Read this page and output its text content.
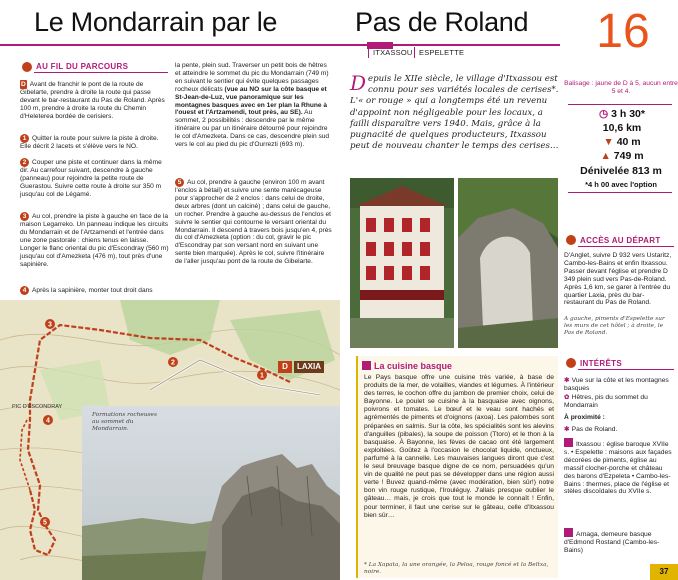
Le Mondarrain par le	Pas de Roland
ITXASSOU ESPELETTE	16
AU FIL DU PARCOURS
D Avant de franchir le pont de la route de Gibelarte, prendre à droite la route qui passe devant le bar-restaurant du Pas de Roland. Après 100 m, prendre à droite la route du Chemin d'Heleterea bordée de cerisiers.
1 Quitter la route pour suivre la piste à droite. Elle décrit 2 lacets et s'élève vers le NO.
2 Couper une piste et continuer dans la même dir. Au carrefour suivant, descendre à gauche (panneau) pour rejoindre la petite route de Guerastou. Suivre cette route à droite sur 350 m jusqu'au col de Légamé.
3 Au col, prendre la piste à gauche en face de la maison Legarreko. Un panneau indique les circuits du Mondarrain et de l'Artzamendi et l'entrée dans une zone pastorale : chiens tenus en laisse. Longer le flanc oriental du pic d'Escondray (560 m) jusqu'au col d'Amezketa (476 m), tout près d'une sapinière.
4 Après la sapinière, monter tout droit dans
la pente, plein sud. Traverser un petit bois de hêtres et atteindre le sommet du pic du Mondarrain (749 m) en suivant le sentier qui évite quelques passages rocheux délicats (vue au NO sur la côte basque et St-Jean-de-Luz, vue panoramique sur les montagnes basques avec en 1er plan la Rhune à l'ouest et l'Artzamendi, tout près, au SE). Au sommet, 2 possibilités : descendre par le même itinéraire ou par un itinéraire détourné pour rejoindre le col d'Amezketa. Dans ce cas, descendre plein sud vers le col au pied du pic d'Ourrezti (693 m).
5 Au col, prendre à gauche (environ 100 m avant l'enclos à bétail) et suivre une sente marécageuse pour s'approcher de 2 enclos : dans celui de droite, deux arbres (dont un calciné) ; dans celui de gauche, un rocher. Prendre à gauche au-dessus de l'enclos et suivre le sentier qui contourne le versant oriental du Mondarrain. Il descend à travers bois jusqu'en 4, près du col d'Amezketa (option : du col, gravir le pic d'Escondray par son versant nord en suivant une sente bien marquée). Après le col, suivre l'itinéraire de l'aller jusqu'au pont de la route de Gibelarte.
3
2
1
4
5
D	LAXIA
PIC D'ESCONDRAY
Formations rocheuses au sommet du Mondarrain.
Depuis le XIIe siècle, le village d'Itxassou est connu pour ses variétés locales de cerises*. L'« or rouge » qui a longtemps été un revenu d'appoint non négligeable pour les locaux, a failli disparaître vers 1940. Mais, grâce à la pugnacité de quelques producteurs, Itxassou peut de nouveau chanter le temps des cerises…
La cuisine basque
Le Pays basque offre une cuisine très variée, à base de produits de la mer, de volailles, viandes et légumes. À l'intérieur des terres, le cochon offre du jambon de premier choix, celui de Bayonne. Le poulet se cuisine à la basquaise avec oignons, poivrons et tomates. Le bœuf et le veau sont hachés et agrémentés de piments et d'oignons (axoa). Les palombes sont préparées en salmis. Sur la côte, les spécialités sont les alevins d'anguilles (pibales), la soupe de poisson (Ttoro) et le thon à la basquaise. À Bayonne, les fèves de cacao ont été largement exploitées. Goûtez à l'occasion le chocolat liquide, onctueux, parfumé à la cannelle. Les mauvaises langues diront que c'est le seul breuvage basque digne de ce nom, persuadées qu'un vin de qualité ne peut pas se développer dans une région aussi verte ! Buvez quand-même (avec modération, bien sûr!) notre bon vin rouge rustique, l'Irouléguy. J'allais presque oublier le gâteau… mais, je crois que tout le monde le connaît ! Enfin, pour terminer, il faut une cerise sur le gâteau, celle d'Itxassou bien sûr…
* La Xapata, la une orangée, la Peloa, rouge foncé et la Beltxa, noire.
Balisage : jaune de D à 5, aucun entre 5 et 4.
◷ 3 h 30*
10,6 km
▼ 40 m
▲ 749 m
Dénivelée 813 m
*4 h 00 avec l'option
ACCÈS AU DÉPART
D'Anglet, suivre D 932 vers Ustaritz, Cambo-les-Bains et enfin Itxassou. Passer devant l'église et prendre D 349 plein sud vers Pas-de-Roland. Après 1,6 km, se garer à l'entrée du quartier Laxia, près du bar-restaurant du Pas de Roland.
A gauche, piments d'Espelette sur les murs de cet hôtel ; à droite, le Pas de Roland.
INTÉRÊTS
✱ Vue sur la côte et les montagnes basques
✿ Hêtres, pis du sommet du Mondarrain
À proximité :
✱ Pas de Roland.
Itxassou : église baroque XVIIe s. • Espelette : maisons aux façades décorées de piments, église au massif clocher-porche et château des barons d'Ezpeleta • Cambo-les-Bains : thermes, place de l'église et stèles discoïdales du XVIIe s.
Arnaga, demeure basque d'Edmond Rostand (Cambo-les-Bains)
37
